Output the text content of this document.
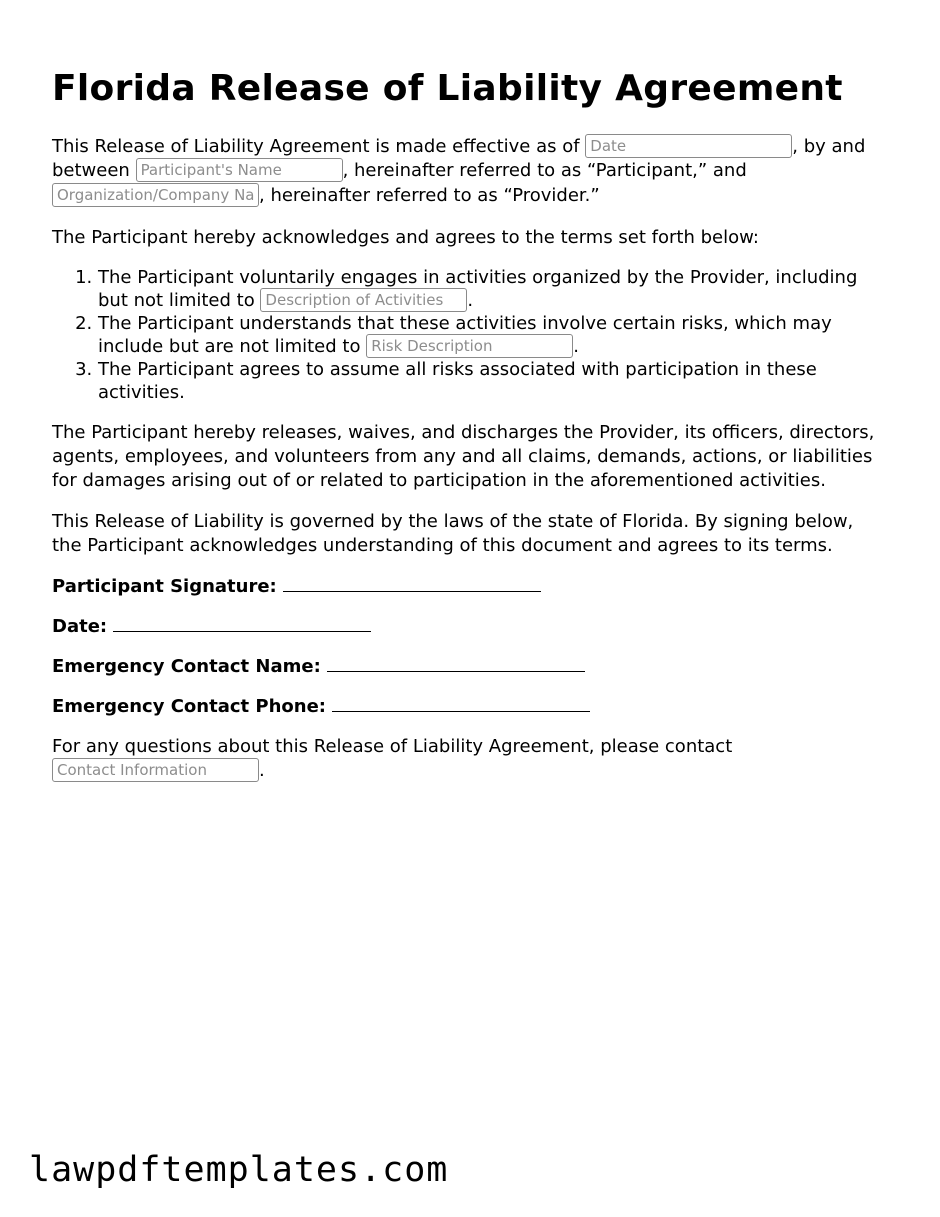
Florida Release of Liability Agreement

This Release of Liability Agreement is made effective as of Date	, by and between Participant's Name	, hereinafter referred to as “Participant,” and Organization/Company Name, hereinafter referred to as “Provider.”

The Participant hereby acknowledges and agrees to the terms set forth below:

1. The Participant voluntarily engages in activities organized by the Provider, including but not limited to Description of Activities	.
2. The Participant understands that these activities involve certain risks, which may include but are not limited to Risk Description	.
3. The Participant agrees to assume all risks associated with participation in these activities.

The Participant hereby releases, waives, and discharges the Provider, its officers, directors, agents, employees, and volunteers from any and all claims, demands, actions, or liabilities for damages arising out of or related to participation in the aforementioned activities.

This Release of Liability is governed by the laws of the state of Florida. By signing below, the Participant acknowledges understanding of this document and agrees to its terms.

Participant Signature:
Date:
Emergency Contact Name:
Emergency Contact Phone:

For any questions about this Release of Liability Agreement, please contact Contact Information.

lawpdftemplates.com
